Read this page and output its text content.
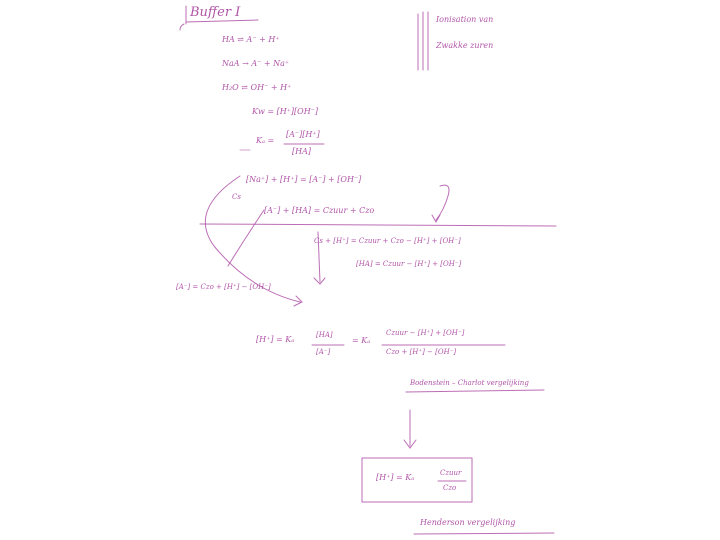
Buffer I	Ionisation van
Zwakke zuren
HA ⇌ A⁻ + H⁺
NaA → A⁻ + Na⁺
H₂O ⇌ OH⁻ + H⁺
Kw = [H⁺][OH⁻]
Kₐ =
[A⁻][H⁺]
[HA]
[Na⁺] + [H⁺] = [A⁻] + [OH⁻]
Cs
[A⁻] + [HA] = Czuur + Czo
Cs + [H⁺] = Czuur + Czo − [H⁺] + [OH⁻]
[HA] = Czuur − [H⁺] + [OH⁻]
[A⁻] = Czo + [H⁺] − [OH⁻]
[H⁺] = Kₐ	[HA]
[A⁻]
= Kₐ
Czuur − [H⁺] + [OH⁻]
Czo + [H⁺] − [OH⁻]
Bodenstein – Charlot vergelijking
[H⁺] = Kₐ	Czuur
Czo
Henderson vergelijking
